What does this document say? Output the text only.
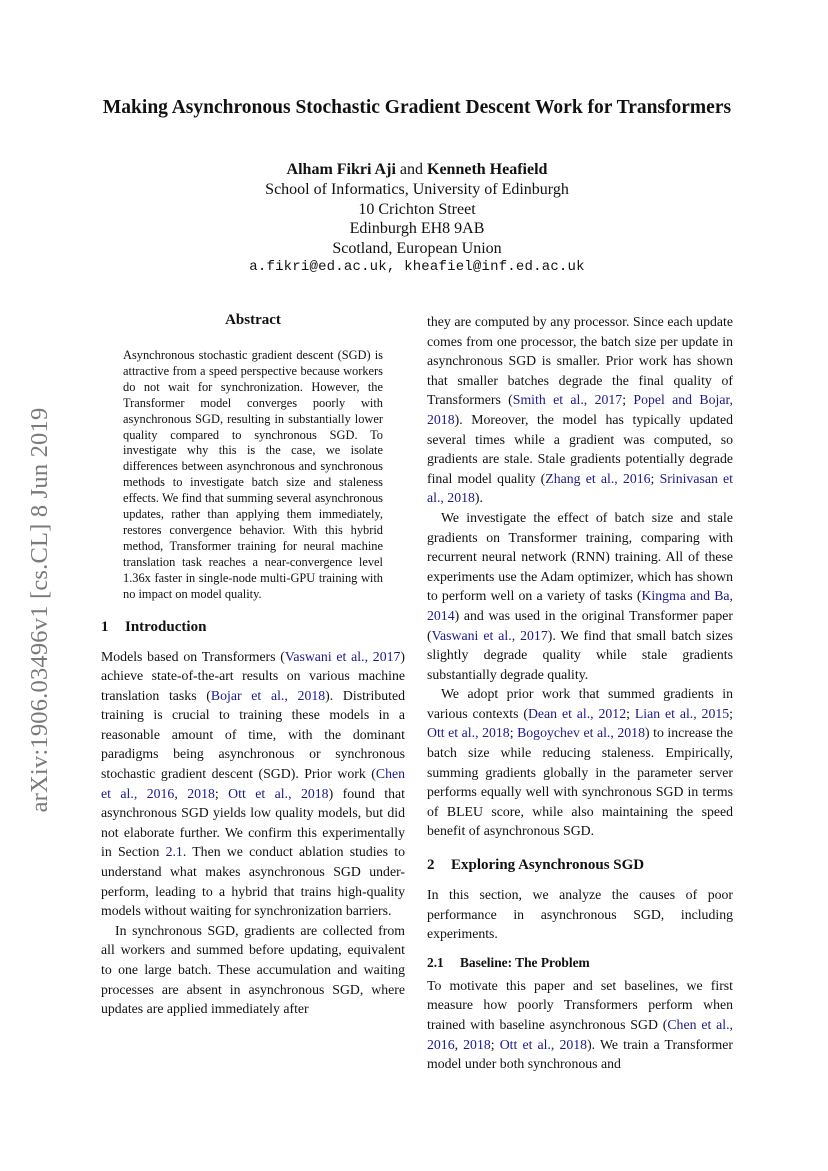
arXiv:1906.03496v1 [cs.CL] 8 Jun 2019
Making Asynchronous Stochastic Gradient Descent Work for Transformers
Alham Fikri Aji and Kenneth Heafield
School of Informatics, University of Edinburgh
10 Crichton Street
Edinburgh EH8 9AB
Scotland, European Union
a.fikri@ed.ac.uk, kheafiel@inf.ed.ac.uk
Abstract
Asynchronous stochastic gradient descent (SGD) is attractive from a speed perspective because workers do not wait for synchronization. However, the Transformer model converges poorly with asynchronous SGD, resulting in substantially lower quality compared to synchronous SGD. To investigate why this is the case, we isolate differences between asynchronous and synchronous methods to investigate batch size and staleness effects. We find that summing several asynchronous updates, rather than applying them immediately, restores convergence behavior. With this hybrid method, Transformer training for neural machine translation task reaches a near-convergence level 1.36x faster in single-node multi-GPU training with no impact on model quality.
1 Introduction

Models based on Transformers (Vaswani et al., 2017) achieve state-of-the-art results on various machine translation tasks (Bojar et al., 2018). Distributed training is crucial to training these models in a reasonable amount of time, with the dominant paradigms being asynchronous or synchronous stochastic gradient descent (SGD). Prior work (Chen et al., 2016, 2018; Ott et al., 2018) found that asynchronous SGD yields low quality models, but did not elaborate further. We confirm this experimentally in Section 2.1. Then we conduct ablation studies to understand what makes asynchronous SGD under-perform, leading to a hybrid that trains high-quality models without waiting for synchronization barriers.

In synchronous SGD, gradients are collected from all workers and summed before updating, equivalent to one large batch. These accumulation and waiting processes are absent in asynchronous SGD, where updates are applied immediately after

they are computed by any processor. Since each update comes from one processor, the batch size per update in asynchronous SGD is smaller. Prior work has shown that smaller batches degrade the final quality of Transformers (Smith et al., 2017; Popel and Bojar, 2018). Moreover, the model has typically updated several times while a gradient was computed, so gradients are stale. Stale gradients potentially degrade final model quality (Zhang et al., 2016; Srinivasan et al., 2018).

We investigate the effect of batch size and stale gradients on Transformer training, comparing with recurrent neural network (RNN) training. All of these experiments use the Adam optimizer, which has shown to perform well on a variety of tasks (Kingma and Ba, 2014) and was used in the original Transformer paper (Vaswani et al., 2017). We find that small batch sizes slightly degrade quality while stale gradients substantially degrade quality.

We adopt prior work that summed gradients in various contexts (Dean et al., 2012; Lian et al., 2015; Ott et al., 2018; Bogoychev et al., 2018) to increase the batch size while reducing staleness. Empirically, summing gradients globally in the parameter server performs equally well with synchronous SGD in terms of BLEU score, while also maintaining the speed benefit of asynchronous SGD.

2 Exploring Asynchronous SGD

In this section, we analyze the causes of poor performance in asynchronous SGD, including experiments.

2.1 Baseline: The Problem

To motivate this paper and set baselines, we first measure how poorly Transformers perform when trained with baseline asynchronous SGD (Chen et al., 2016, 2018; Ott et al., 2018). We train a Transformer model under both synchronous and
